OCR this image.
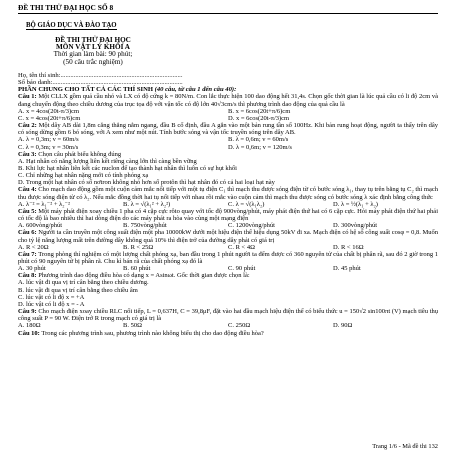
ĐỀ THI THỬ ĐẠI HỌC SỐ 8
BỘ GIÁO DỤC VÀ ĐÀO TẠO
ĐỀ THI THỬ ĐẠI HỌC
MÔN VẬT LÝ KHỐI A
Thời gian làm bài: 90 phút;
(50 câu trắc nghiệm)
Họ, tên thí sinh:..........................................................................
Số báo danh:...............................................................................
PHẦN CHUNG CHO TẤT CẢ CÁC THÍ SINH (40 câu, từ câu 1 đến câu 40):
Câu 1: Một CLLX gồm quả cầu nhỏ và LX có độ cứng k = 80N/m. Con lắc thực hiện 100 dao động hết 31,4s. Chọn gốc thời gian là lúc quả cầu có li độ 2cm và đang chuyển động theo chiều dương của trục tọa độ với vận tốc có độ lớn 40√3cm/s thì phương trình dao động của quả cầu là
A. x = 4cos(20t-π/3)cm	B. x = 6cos(20t+π/6)cm
C. x = 4cos(20t+π/6)cm	D. x = 6cos(20t-π/3)cm
Câu 2: Một dây AB dài 1,8m căng thẳng nằm ngang, đầu B cố định, đầu A gắn vào một bản rung tần số 100Hz. Khi bản rung hoạt động, người ta thấy trên dây có sóng dừng gồm 6 bó sóng, với A xem như một nút. Tính bước sóng và vận tốc truyền sóng trên dây AB.
A. λ = 0,3m; v = 60m/s	B. λ = 0,6m; v = 60m/s
C. λ = 0,3m; v = 30m/s	D. λ = 0,6m; v = 120m/s
Câu 3: Chọn câu phát biểu không đúng
A. Hạt nhân có năng lượng liên kết riêng càng lớn thì càng bền vững
B. Khi lực hạt nhân liên kết các nuclon để tạo thành hạt nhân thì luôn có sự hụt khối
C. Chỉ những hạt nhân nặng mới có tính phóng xạ
D. Trong một hạt nhân có số nơtron không nhỏ hơn số protôn thì hạt nhân đó có cả hai loại hạt này
Câu 4: Cho mạch dao động gồm một cuộn cảm mắc nối tiếp với một tụ điện C₁ thì mạch thu được sóng điện từ có bước sóng λ₁, thay tụ trên bằng tụ C₂ thì mạch thu được sóng điện từ có λ₂. Nếu mắc đồng thời hai tụ nối tiếp với nhau rồi mắc vào cuộn cảm thì mạch thu được sóng có bước sóng λ xác định bằng công thức
A. λ⁻² = λ₁⁻² + λ₂⁻²	B. λ = √(λ₁² + λ₂²)	C. λ = √(λ₁λ₂)	D. λ = ½(λ₁ + λ₂)
Câu 5: Một máy phát điện xoay chiều 1 pha có 4 cặp cực rôto quay với tốc độ 900vòng/phút, máy phát điện thứ hai có 6 cặp cực. Hỏi máy phát điện thứ hai phải có tốc độ là bao nhiêu thì hai dòng điện do các máy phát ra hòa vào cùng một mạng điện
A. 600vòng/phút	B. 750vòng/phút	C. 1200vòng/phút	D. 300vòng/phút
Câu 6: Người ta cần truyền một công suất điện một pha 10000kW dưới một hiệu điện thế hiệu dụng 50kV đi xa. Mạch điện có hệ số công suất cosφ = 0,8. Muốn cho tỷ lệ năng lượng mất trên đường dây không quá 10% thì điện trở của đường dây phải có giá trị
A. R < 20Ω	B. R < 25Ω	C. R < 4Ω	D. R < 16Ω
Câu 7: Trong phòng thí nghiệm có một lượng chất phóng xạ, ban đầu trong 1 phút người ta đếm được có 360 nguyên tử của chất bị phân rã, sau đó 2 giờ trong 1 phút có 90 nguyên tử bị phân rã. Chu kì bán rã của chất phóng xạ đó là
A. 30 phút	B. 60 phút	C. 90 phút	D. 45 phút
Câu 8: Phương trình dao động điều hòa có dạng x = Asinωt. Gốc thời gian được chọn là:
A. lúc vật đi qua vị trí cân bằng theo chiều dương.
B. lúc vật đi qua vị trí cân bằng theo chiều âm
C. lúc vật có li độ x = +A
D. lúc vật có li độ x = - A
Câu 9: Cho mạch điện xoay chiều RLC nối tiếp, L = 0,637H, C = 39,8μF, đặt vào hai đầu mạch hiệu điện thế có biểu thức u = 150√2 sin100πt (V) mạch tiêu thụ công suất P = 90 W. Điện trở R trong mạch có giá trị là
A. 180Ω	B. 50Ω	C. 250Ω	D. 90Ω
Câu 10: Trong các phương trình sau, phương trình nào không biểu thị cho dao động điều hòa?
Trang 1/6 - Mã đề thi 132
